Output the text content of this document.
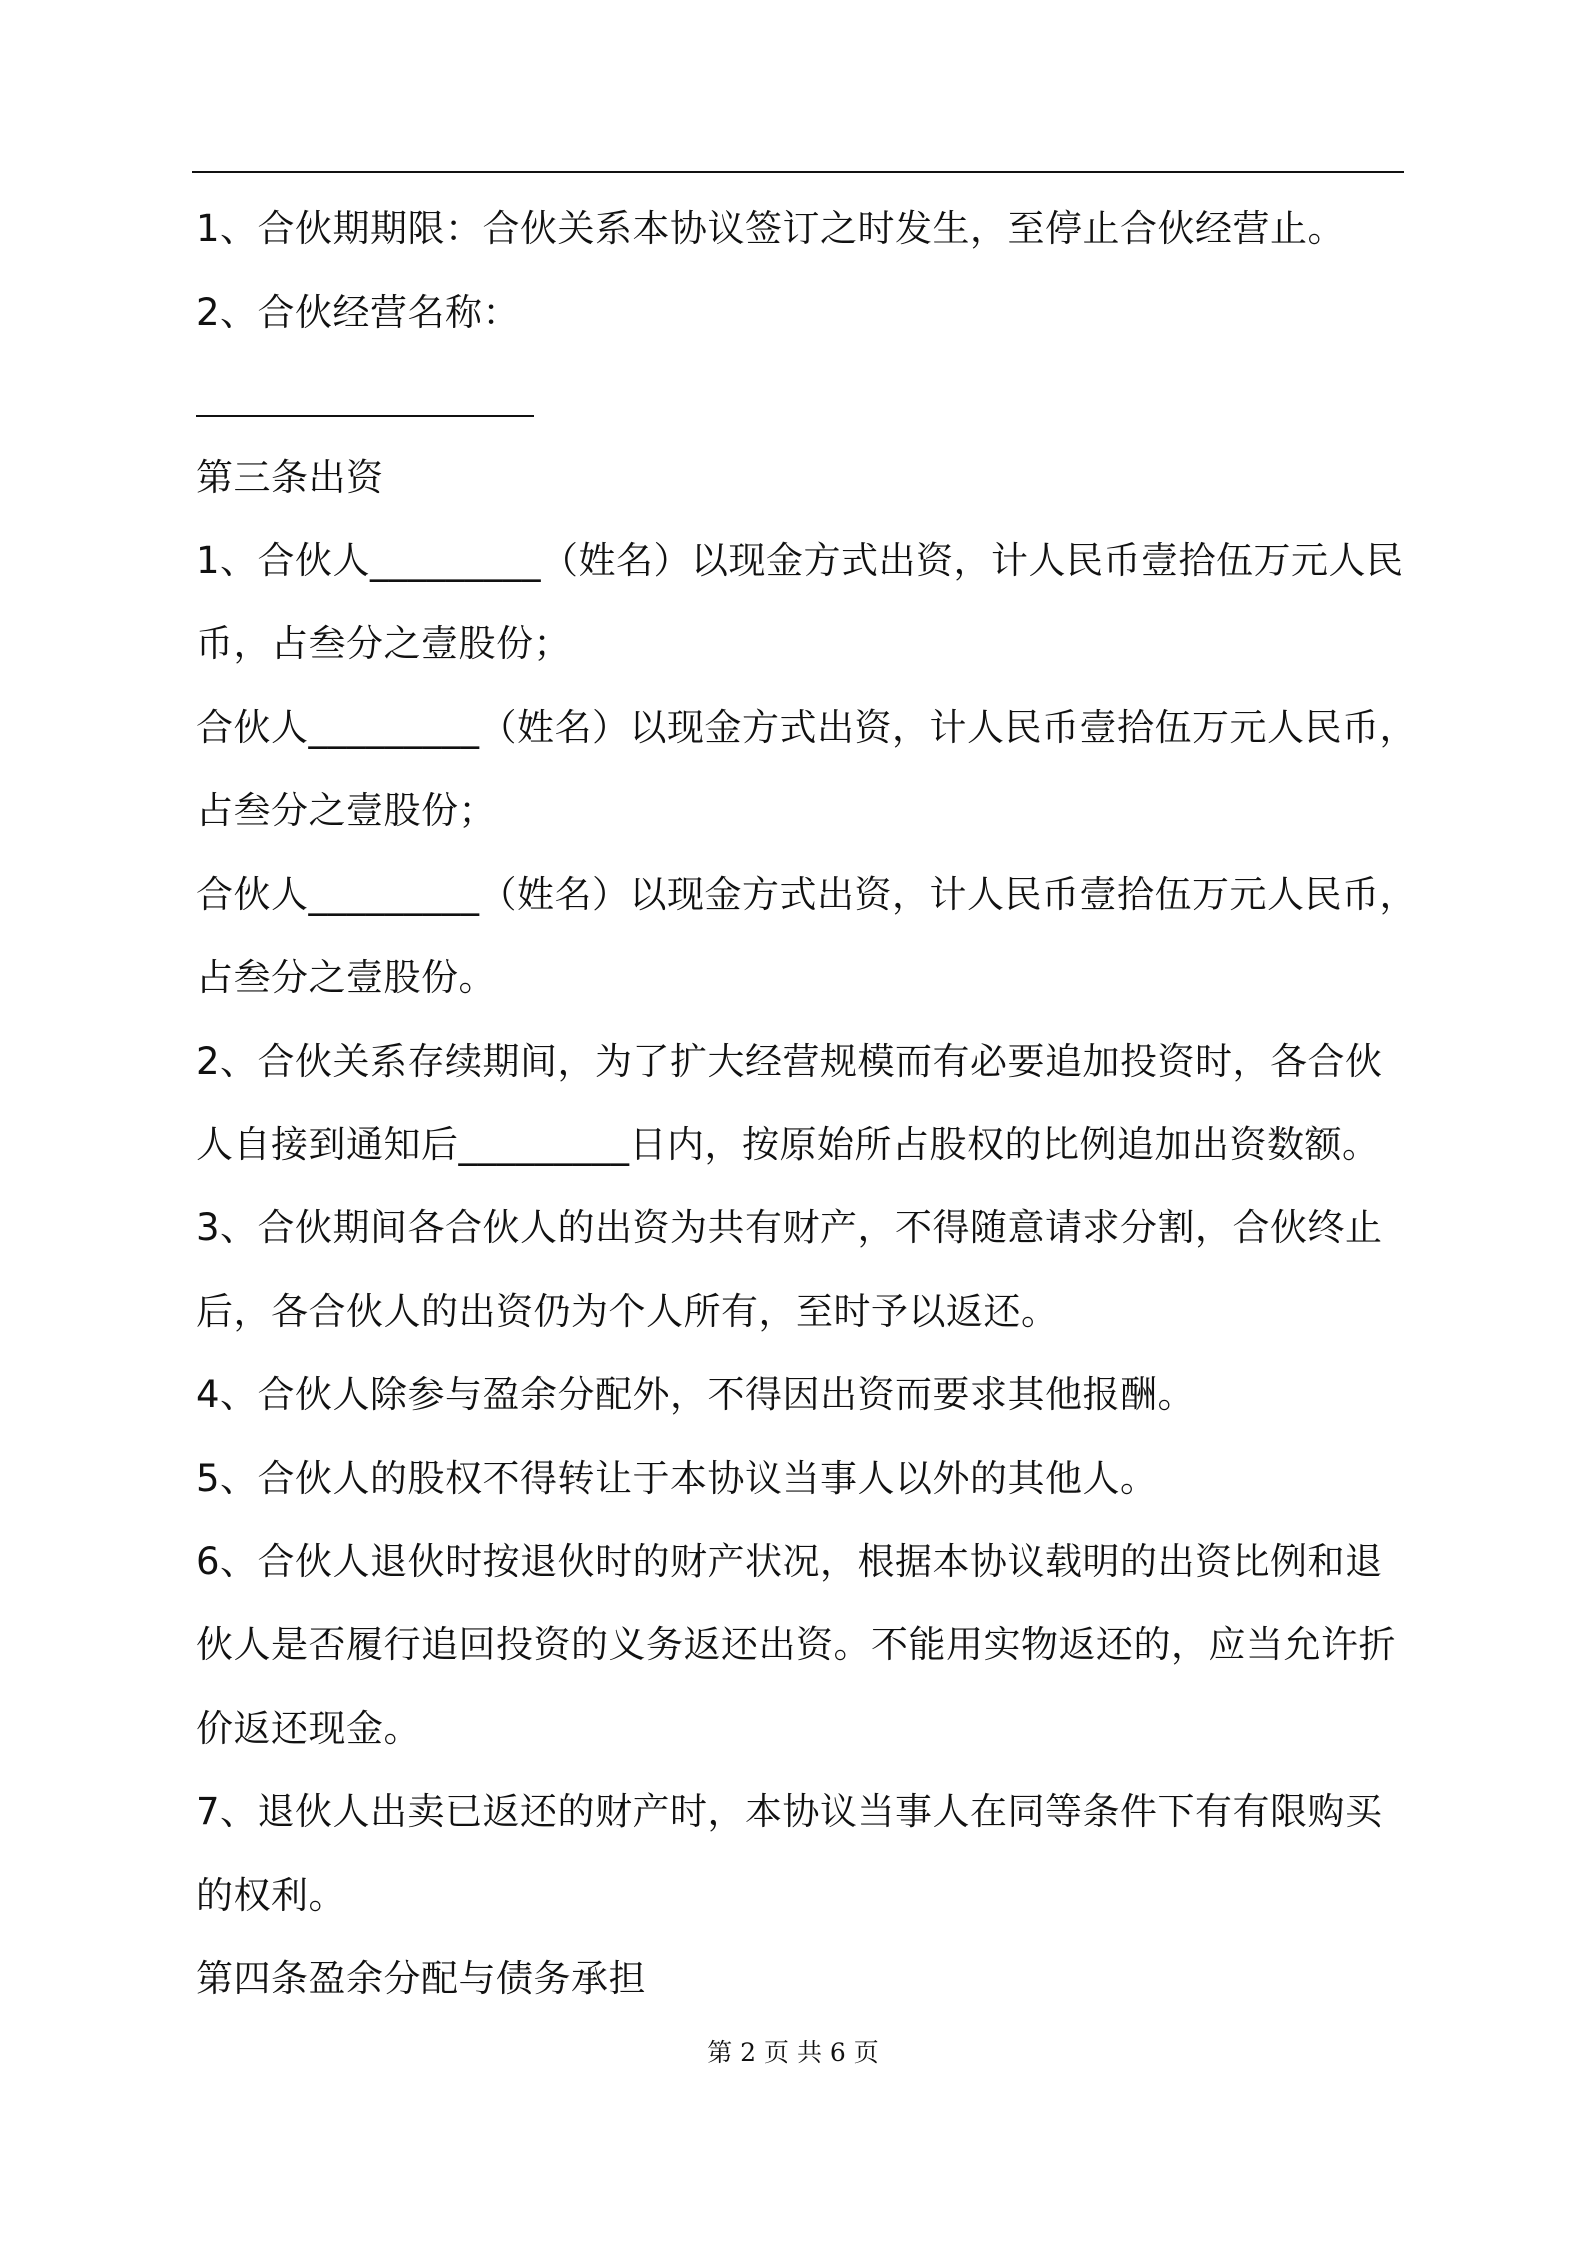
1、合伙期期限：合伙关系本协议签订之时发生，至停止合伙经营止。
2、合伙经营名称：
第三条出资
1、合伙人_________（姓名）以现金方式出资，计人民币壹拾伍万元人民
币，占叁分之壹股份；
合伙人_________（姓名）以现金方式出资，计人民币壹拾伍万元人民币，
占叁分之壹股份；
合伙人_________（姓名）以现金方式出资，计人民币壹拾伍万元人民币，
占叁分之壹股份。
2、合伙关系存续期间，为了扩大经营规模而有必要追加投资时，各合伙
人自接到通知后_________日内，按原始所占股权的比例追加出资数额。
3、合伙期间各合伙人的出资为共有财产，不得随意请求分割，合伙终止
后，各合伙人的出资仍为个人所有，至时予以返还。
4、合伙人除参与盈余分配外，不得因出资而要求其他报酬。
5、合伙人的股权不得转让于本协议当事人以外的其他人。
6、合伙人退伙时按退伙时的财产状况，根据本协议载明的出资比例和退
伙人是否履行追回投资的义务返还出资。不能用实物返还的，应当允许折
价返还现金。
7、退伙人出卖已返还的财产时，本协议当事人在同等条件下有有限购买
的权利。
第四条盈余分配与债务承担
第 2 页 共 6 页
